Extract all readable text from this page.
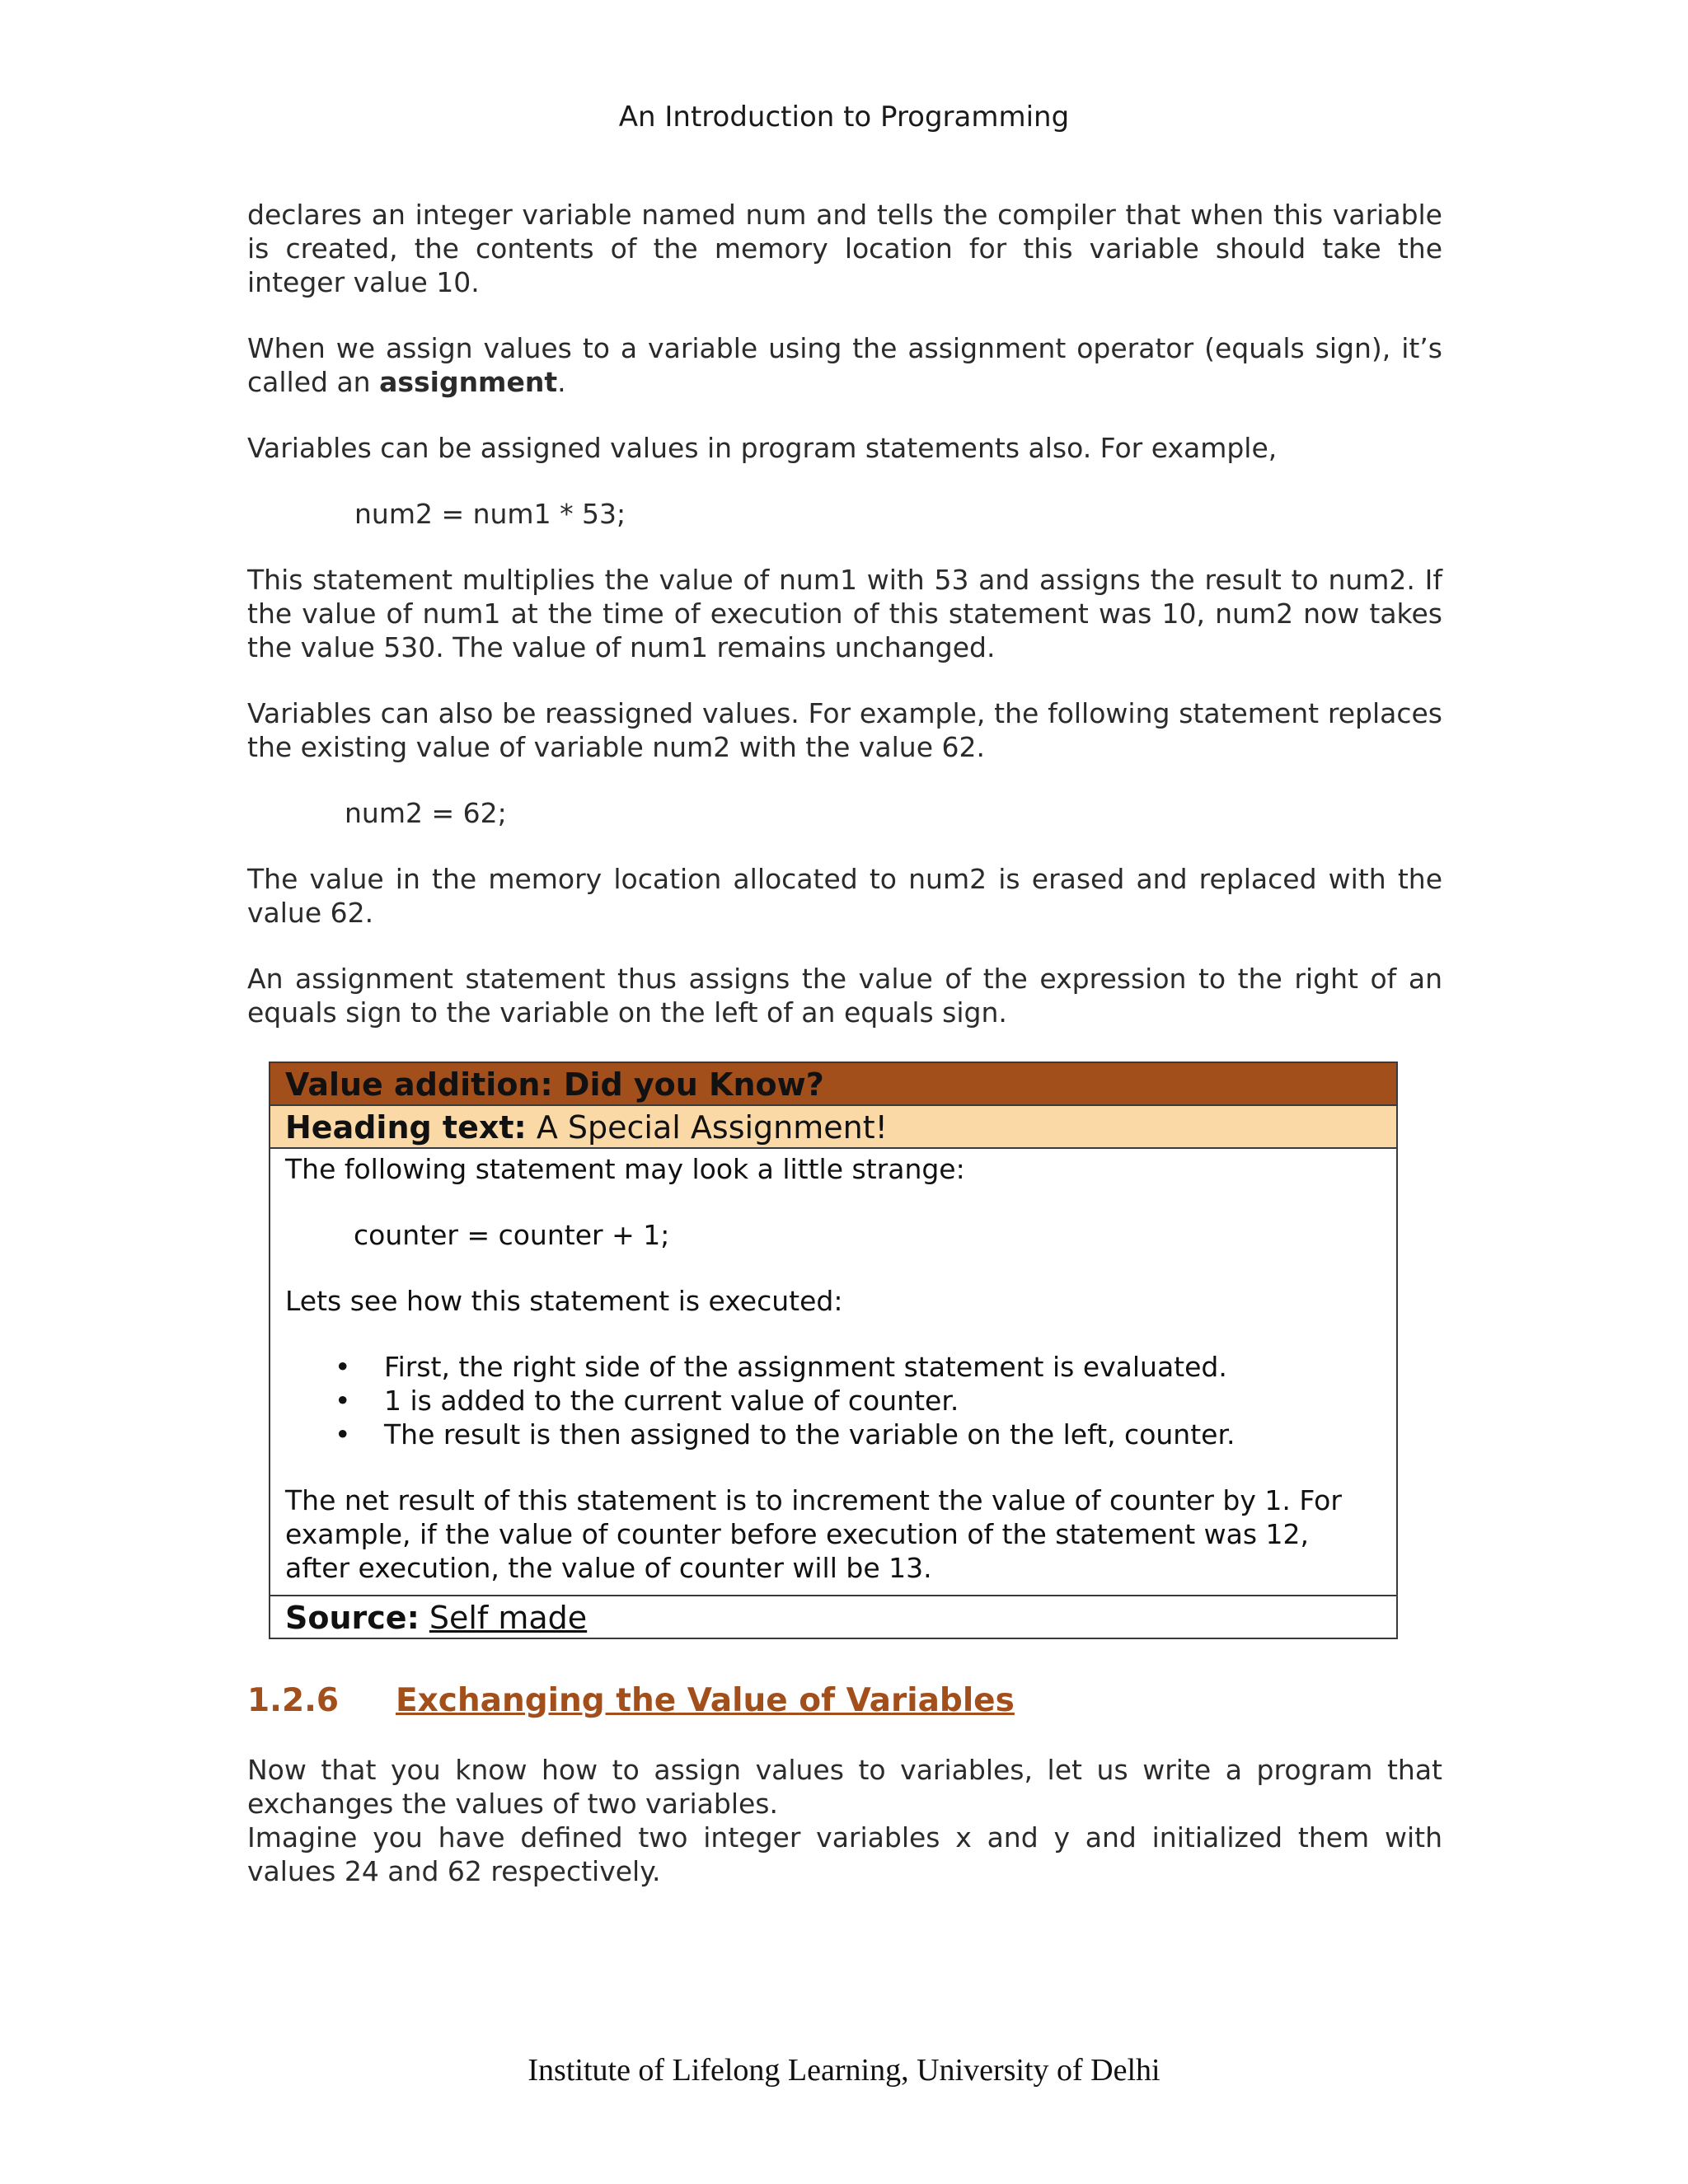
An Introduction to Programming

declares an integer variable named num and tells the compiler that when this variable is created, the contents of the memory location for this variable should take the integer value 10.

When we assign values to a variable using the assignment operator (equals sign), it’s called an assignment.

Variables can be assigned values in program statements also. For example,

num2 = num1 * 53;

This statement multiplies the value of num1 with 53 and assigns the result to num2. If the value of num1 at the time of execution of this statement was 10, num2 now takes the value 530. The value of num1 remains unchanged.

Variables can also be reassigned values. For example, the following statement replaces the existing value of variable num2 with the value 62.

num2 = 62;

The value in the memory location allocated to num2 is erased and replaced with the value 62.

An assignment statement thus assigns the value of the expression to the right of an equals sign to the variable on the left of an equals sign.

Value addition: Did you Know?
Heading text: A Special Assignment!
The following statement may look a little strange:
counter = counter + 1;
Lets see how this statement is executed:
• First, the right side of the assignment statement is evaluated.
• 1 is added to the current value of counter.
• The result is then assigned to the variable on the left, counter.
The net result of this statement is to increment the value of counter by 1. For example, if the value of counter before execution of the statement was 12, after execution, the value of counter will be 13.
Source: Self made
1.2.6 Exchanging the Value of Variables

Now that you know how to assign values to variables, let us write a program that exchanges the values of two variables.

Imagine you have defined two integer variables x and y and initialized them with values 24 and 62 respectively.

Institute of Lifelong Learning, University of Delhi
